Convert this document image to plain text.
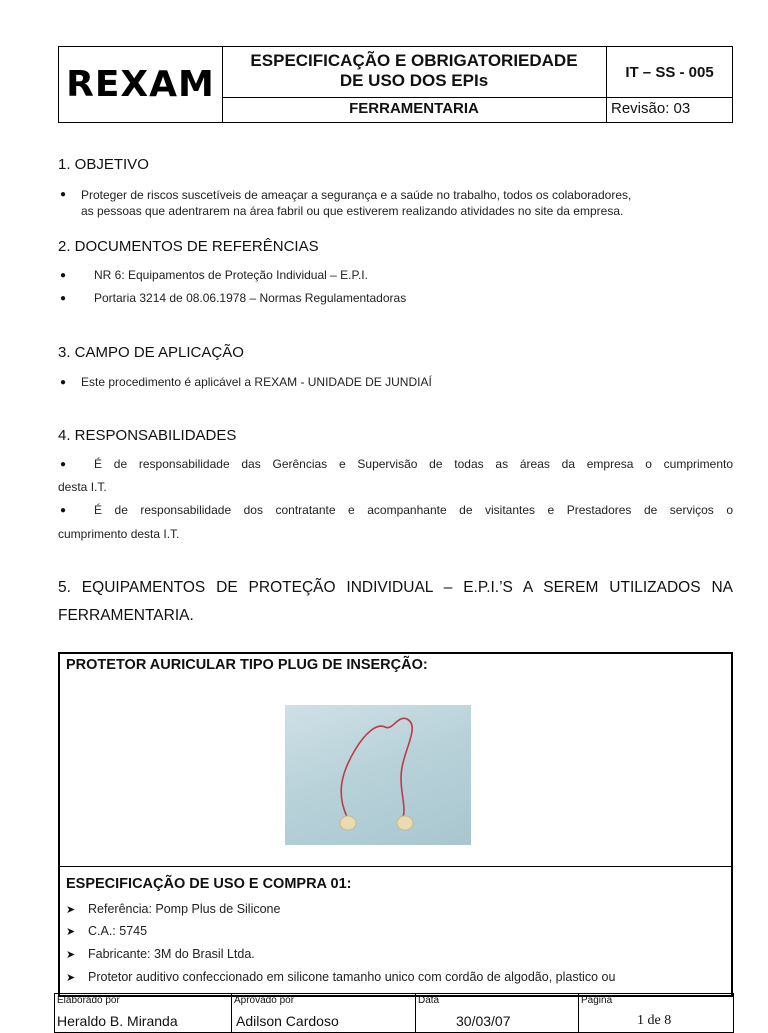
REXAM
ESPECIFICAÇÃO E OBRIGATORIEDADE
DE USO DOS EPIs
FERRAMENTARIA
IT – SS - 005
Revisão: 03
1. OBJETIVO
● Proteger de riscos suscetíveis de ameaçar a segurança e a saúde no trabalho, todos os colaboradores,
as pessoas que adentrarem na área fabril ou que estiverem realizando atividades no site da empresa.
2. DOCUMENTOS DE REFERÊNCIAS
● NR 6: Equipamentos de Proteção Individual – E.P.I.
● Portaria 3214 de 08.06.1978 – Normas Regulamentadoras
3. CAMPO DE APLICAÇÃO
● Este procedimento é aplicável a REXAM - UNIDADE DE JUNDIAÍ
4. RESPONSABILIDADES
● É de responsabilidade das Gerências e Supervisão de todas as áreas da empresa o cumprimento
desta I.T.
● É de responsabilidade dos contratante e acompanhante de visitantes e Prestadores de serviços o
cumprimento desta I.T.
5. EQUIPAMENTOS DE PROTEÇÃO INDIVIDUAL – E.P.I.’S A SEREM UTILIZADOS NA
FERRAMENTARIA.
PROTETOR AURICULAR TIPO PLUG DE INSERÇÃO:
ESPECIFICAÇÃO DE USO E COMPRA 01:
➤ Referência: Pomp Plus de Silicone
➤ C.A.: 5745
➤ Fabricante: 3M do Brasil Ltda.
➤ Protetor auditivo confeccionado em silicone tamanho unico com cordão de algodão, plastico ou
Elaborado por
Heraldo B. Miranda
Aprovado por
Adilson Cardoso
Data
30/03/07
Página
1 de 8
